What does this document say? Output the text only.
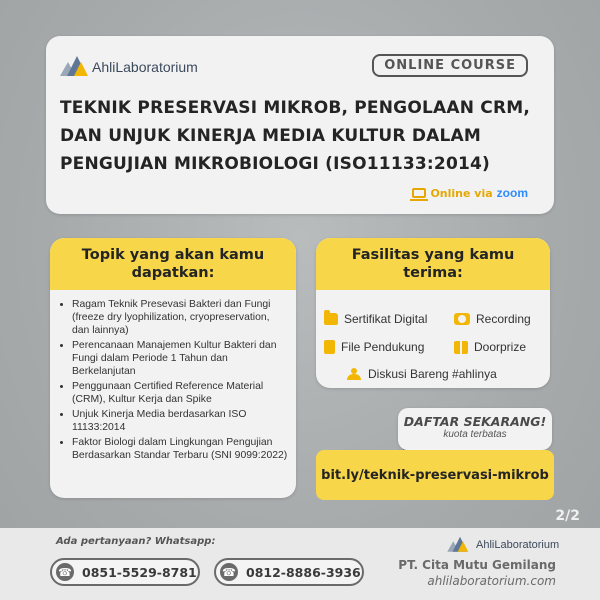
AhliLaboratorium	ONLINE COURSE
TEKNIK PRESERVASI MIKROB, PENGOLAAN CRM, DAN UNJUK KINERJA MEDIA KULTUR DALAM PENGUJIAN MIKROBIOLOGI (ISO11133:2014)
Online via zoom
Topik yang akan kamu dapatkan:
• Ragam Teknik Presevasi Bakteri dan Fungi (freeze dry lyophilization, cryopreservation, dan lainnya)
• Perencanaan Manajemen Kultur Bakteri dan Fungi dalam Periode 1 Tahun dan Berkelanjutan
• Penggunaan Certified Reference Material (CRM), Kultur Kerja dan Spike
• Unjuk Kinerja Media berdasarkan ISO 11133:2014
• Faktor Biologi dalam Lingkungan Pengujian Berdasarkan Standar Terbaru (SNI 9099:2022)
Fasilitas yang kamu terima:
Sertifikat Digital	Recording
File Pendukung	Doorprize
Diskusi Bareng #ahlinya
DAFTAR SEKARANG!
kuota terbatas
bit.ly/teknik-preservasi-mikrob
2/2
Ada pertanyaan? Whatsapp:
☎ 0851-5529-8781 ☎ 0812-8886-3936
AhliLaboratorium
PT. Cita Mutu Gemilang
ahlilaboratorium.com
